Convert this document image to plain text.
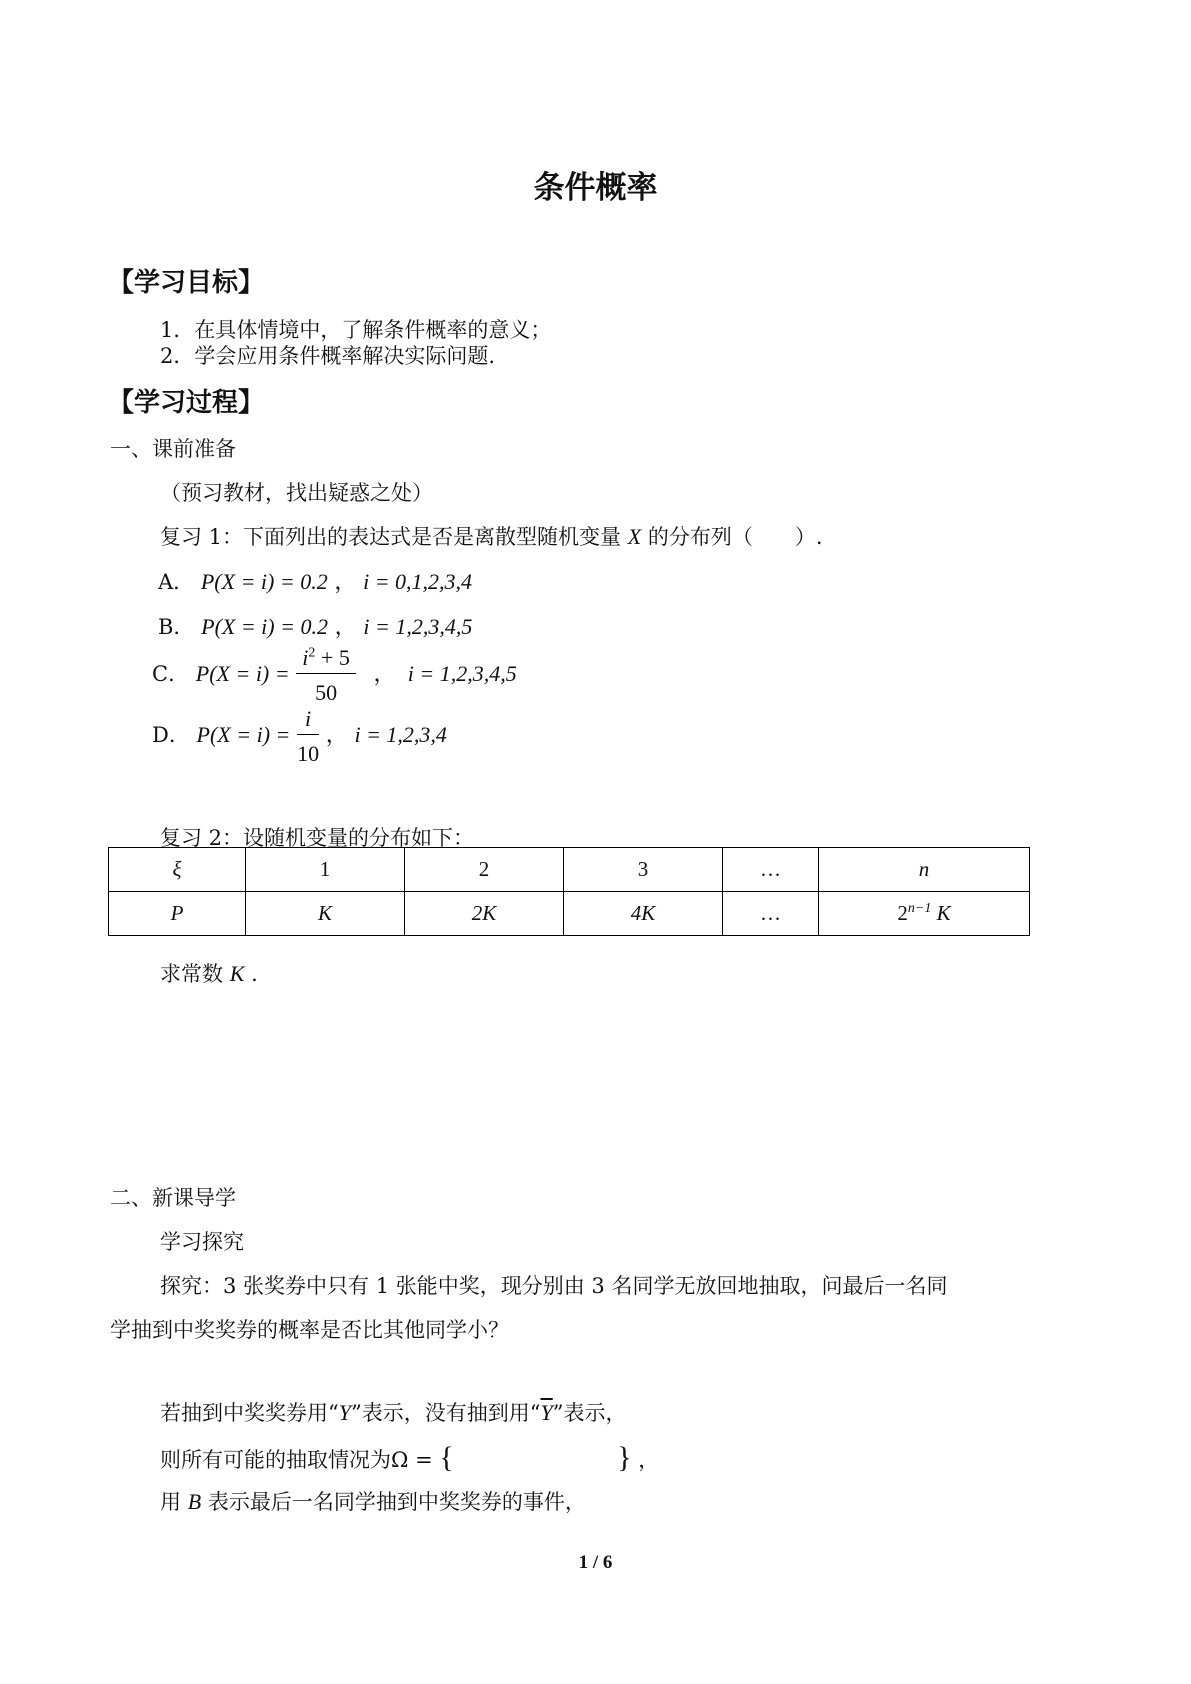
条件概率
【学习目标】
1．在具体情境中，了解条件概率的意义；
2．学会应用条件概率解决实际问题.
【学习过程】
一、课前准备
（预习教材，找出疑惑之处）
复习 1：下面列出的表达式是否是离散型随机变量 X 的分布列（　　）.
A． P(X = i) = 0.2 ， i = 0,1,2,3,4
B． P(X = i) = 0.2 ， i = 1,2,3,4,5
C． $P(X = i) = \frac{i^2 + 5}{50}$ ，  i = 1,2,3,4,5
D． $P(X = i) = \frac{i}{10}$ ， i = 1,2,3,4
复习 2：设随机变量的分布如下：
ξ	1	2	3	…	n
P	K	2K	4K	…	$2^{n-1}$ K
求常数 K .
二、新课导学
学习探究
探究：3 张奖券中只有 1 张能中奖，现分别由 3 名同学无放回地抽取，问最后一名同
学抽到中奖奖券的概率是否比其他同学小？
若抽到中奖奖券用“Y”表示，没有抽到用“$\overline{Y}$”表示，
则所有可能的抽取情况为Ω = {	} ，
用 B 表示最后一名同学抽到中奖奖券的事件，
1 / 6
